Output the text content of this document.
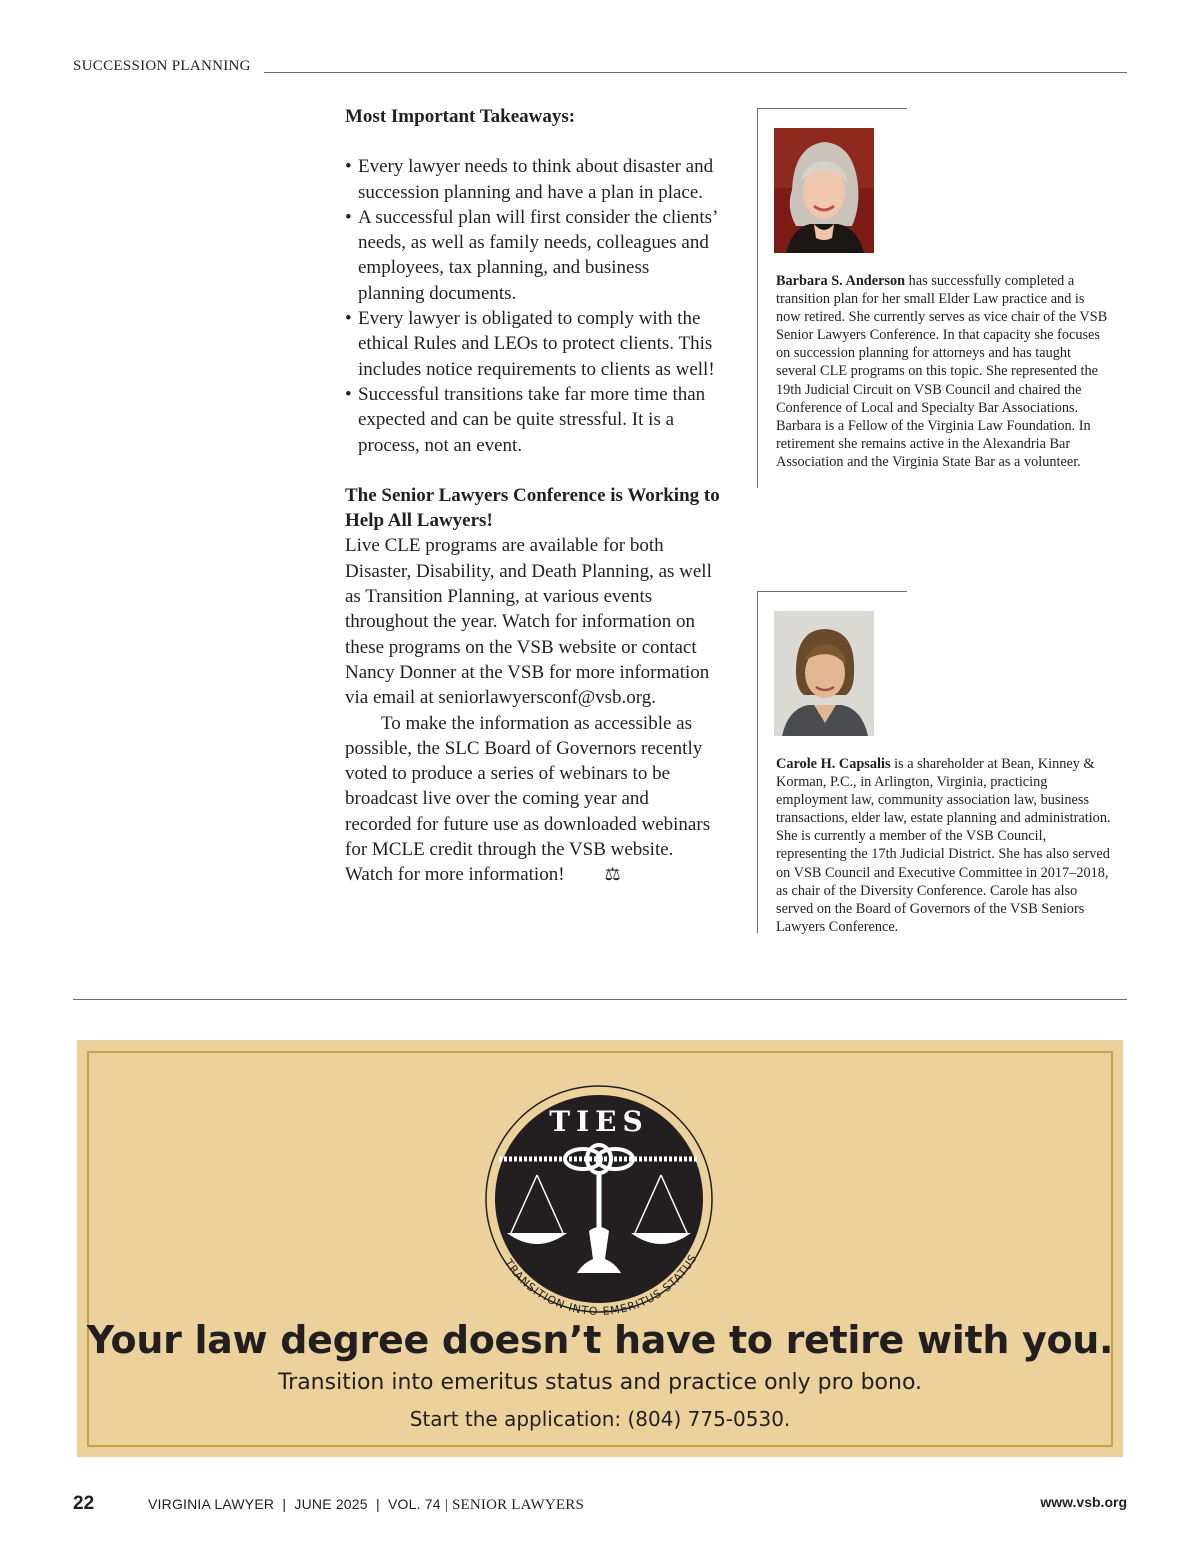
SUCCESSION PLANNING
Most Important Takeaways:
• Every lawyer needs to think about disaster and succession planning and have a plan in place.
• A successful plan will first consider the clients’ needs, as well as family needs, colleagues and employees, tax planning, and business planning documents.
• Every lawyer is obligated to comply with the ethical Rules and LEOs to protect clients. This includes notice requirements to clients as well!
• Successful transitions take far more time than expected and can be quite stressful. It is a process, not an event.
The Senior Lawyers Conference is Working to Help All Lawyers!

Live CLE programs are available for both Disaster, Disability, and Death Planning, as well as Transition Planning, at various events throughout the year. Watch for information on these programs on the VSB website or contact Nancy Donner at the VSB for more information via email at seniorlawyersconf@vsb.org.

To make the information as accessible as possible, the SLC Board of Governors recently voted to produce a series of webinars to be broadcast live over the coming year and recorded for future use as downloaded webinars for MCLE credit through the VSB website. Watch for more information! ⚖

Barbara S. Anderson has successfully completed a transition plan for her small Elder Law practice and is now retired. She currently serves as vice chair of the VSB Senior Lawyers Conference. In that capacity she focuses on succession planning for attorneys and has taught several CLE programs on this topic. She represented the 19th Judicial Circuit on VSB Council and chaired the Conference of Local and Specialty Bar Associations. Barbara is a Fellow of the Virginia Law Foundation. In retirement she remains active in the Alexandria Bar Association and the Virginia State Bar as a volunteer.
Carole H. Capsalis is a shareholder at Bean, Kinney & Korman, P.C., in Arlington, Virginia, practicing employment law, community association law, business transactions, elder law, estate planning and administration. She is currently a member of the VSB Council, representing the 17th Judicial District. She has also served on VSB Council and Executive Committee in 2017–2018, as chair of the Diversity Conference. Carole has also served on the Board of Governors of the VSB Seniors Lawyers Conference.
TIES
TRANSITION INTO EMERITUS STATUS
Your law degree doesn’t have to retire with you.
Transition into emeritus status and practice only pro bono.
Start the application: (804) 775-0530.
22	VIRGINIA LAWYER  |  JUNE 2025  |  VOL. 74 | SENIOR LAWYERS	www.vsb.org
